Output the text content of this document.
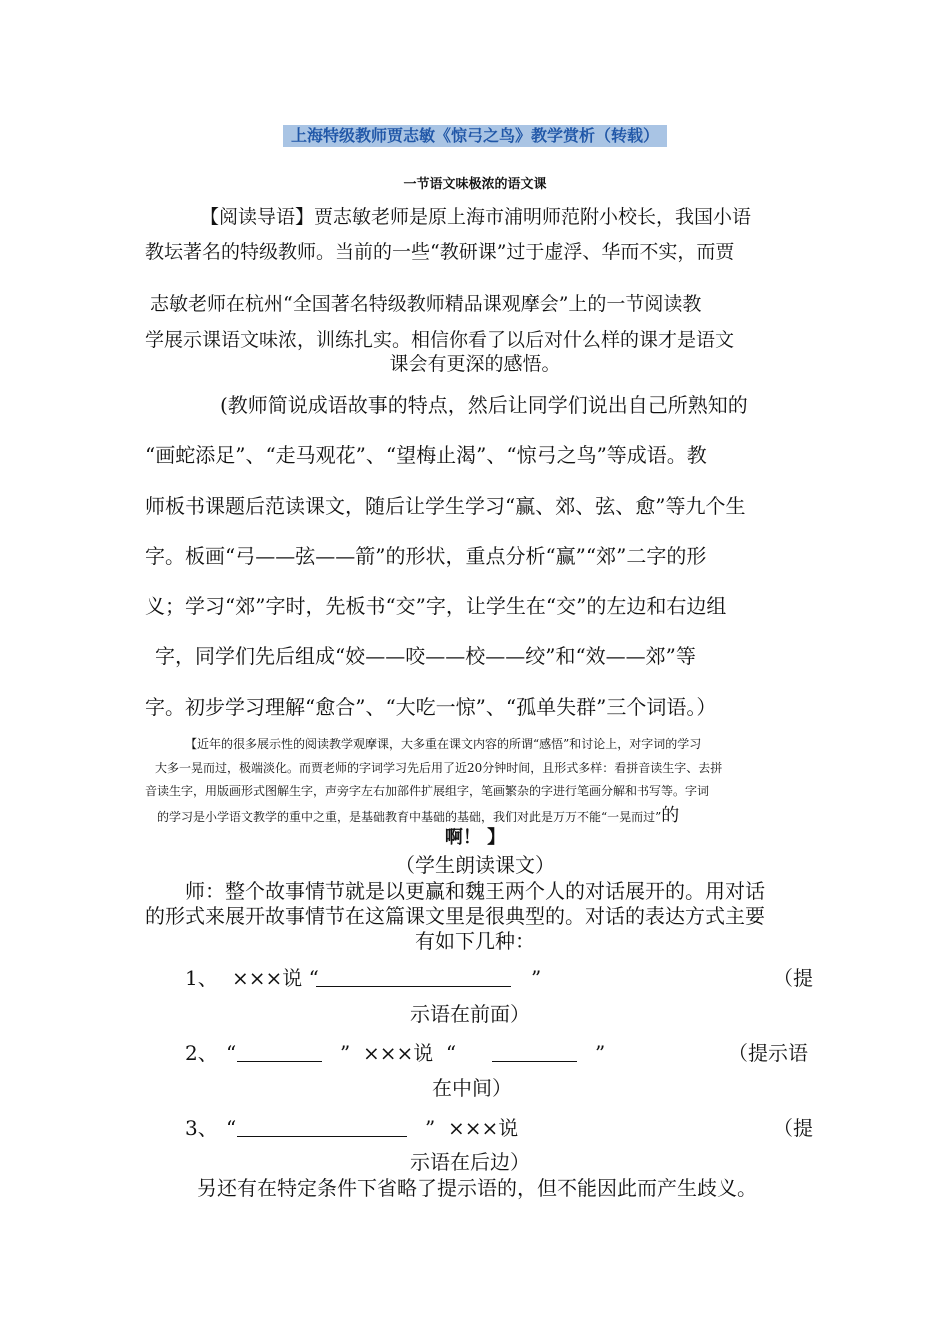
上海特级教师贾志敏《惊弓之鸟》教学赏析（转载）
一节语文味极浓的语文课
【阅读导语】贾志敏老师是原上海市浦明师范附小校长，我国小语
教坛著名的特级教师。当前的一些“教研课”过于虚浮、华而不实，而贾
志敏老师在杭州“全国著名特级教师精品课观摩会”上的一节阅读教
学展示课语文味浓，训练扎实。相信你看了以后对什么样的课才是语文
课会有更深的感悟。
(教师简说成语故事的特点，然后让同学们说出自己所熟知的
“画蛇添足”、“走马观花”、“望梅止渴”、“惊弓之鸟”等成语。教
师板书课题后范读课文，随后让学生学习“赢、郊、弦、愈”等九个生
字。板画“弓——弦——箭”的形状，重点分析“赢”“郊”二字的形
义；学习“郊”字时，先板书“交”字，让学生在“交”的左边和右边组
字，同学们先后组成“姣——咬——校——绞”和“效——郊”等
字。初步学习理解“愈合”、“大吃一惊”、“孤单失群”三个词语。）
【近年的很多展示性的阅读教学观摩课，大多重在课文内容的所谓“感悟”和讨论上，对字词的学习
大多一晃而过，极端淡化。而贾老师的字词学习先后用了近20分钟时间，且形式多样：看拼音读生字、去拼
音读生字，用版画形式图解生字，声旁字左右加部件扩展组字，笔画繁杂的字进行笔画分解和书写等。字词
的学习是小学语文教学的重中之重，是基础教育中基础的基础，我们对此是万万不能“一晃而过”的
啊！ 】
（学生朗读课文）
师：整个故事情节就是以更赢和魏王两个人的对话展开的。用对话
的形式来展开故事情节在这篇课文里是很典型的。对话的表达方式主要
有如下几种：
1、 ×××说 “	”	（提
示语在前面）
2、 “	”  ×××说  “	”	（提示语
在中间）
3、 “	”  ×××说	（提
示语在后边）
另还有在特定条件下省略了提示语的，但不能因此而产生歧义。
